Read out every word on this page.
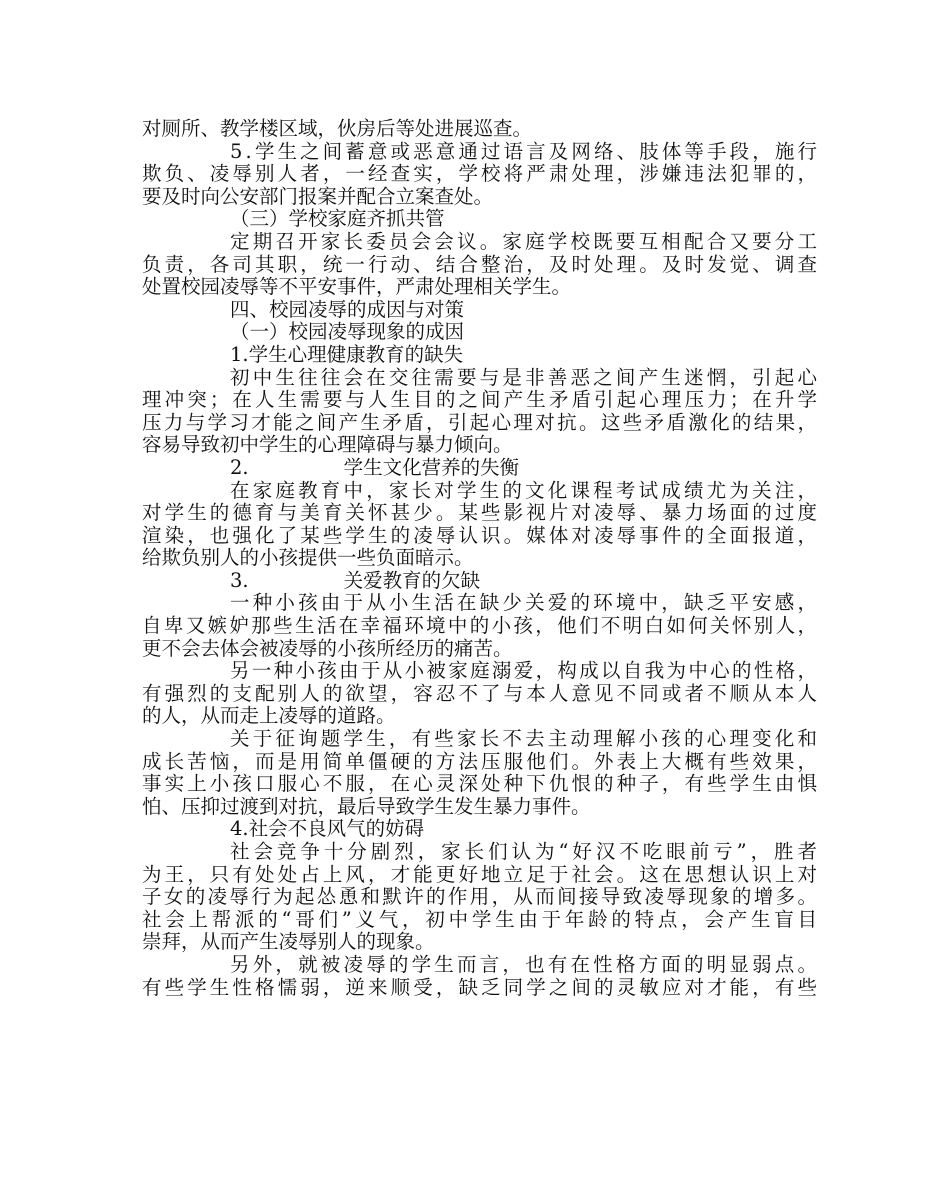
对厕所、教学楼区域，伙房后等处进展巡查。
5.学生之间蓄意或恶意通过语言及网络、肢体等手段，施行
欺负、凌辱别人者，一经查实，学校将严肃处理，涉嫌违法犯罪的，
要及时向公安部门报案并配合立案查处。
（三）学校家庭齐抓共管
定期召开家长委员会会议。家庭学校既要互相配合又要分工
负责，各司其职，统一行动、结合整治，及时处理。及时发觉、调查
处置校园凌辱等不平安事件，严肃处理相关学生。
四、校园凌辱的成因与对策
（一）校园凌辱现象的成因
1.学生心理健康教育的缺失
初中生往往会在交往需要与是非善恶之间产生迷惘，引起心
理冲突；在人生需要与人生目的之间产生矛盾引起心理压力；在升学
压力与学习才能之间产生矛盾，引起心理对抗。这些矛盾激化的结果，
容易导致初中学生的心理障碍与暴力倾向。
2.	学生文化营养的失衡
在家庭教育中，家长对学生的文化课程考试成绩尤为关注，
对学生的德育与美育关怀甚少。某些影视片对凌辱、暴力场面的过度
渲染，也强化了某些学生的凌辱认识。媒体对凌辱事件的全面报道，
给欺负别人的小孩提供一些负面暗示。
3.	关爱教育的欠缺
一种小孩由于从小生活在缺少关爱的环境中，缺乏平安感，
自卑又嫉妒那些生活在幸福环境中的小孩，他们不明白如何关怀别人，
更不会去体会被凌辱的小孩所经历的痛苦。
另一种小孩由于从小被家庭溺爱，构成以自我为中心的性格，
有强烈的支配别人的欲望，容忍不了与本人意见不同或者不顺从本人
的人，从而走上凌辱的道路。
关于征询题学生，有些家长不去主动理解小孩的心理变化和
成长苦恼，而是用简单僵硬的方法压服他们。外表上大概有些效果，
事实上小孩口服心不服，在心灵深处种下仇恨的种子，有些学生由惧
怕、压抑过渡到对抗，最后导致学生发生暴力事件。
4.社会不良风气的妨碍
社会竞争十分剧烈，家长们认为“好汉不吃眼前亏”，胜者
为王，只有处处占上风，才能更好地立足于社会。这在思想认识上对
子女的凌辱行为起怂恿和默许的作用，从而间接导致凌辱现象的增多。
社会上帮派的“哥们”义气，初中学生由于年龄的特点，会产生盲目
崇拜，从而产生凌辱别人的现象。
另外，就被凌辱的学生而言，也有在性格方面的明显弱点。
有些学生性格懦弱，逆来顺受，缺乏同学之间的灵敏应对才能，有些
